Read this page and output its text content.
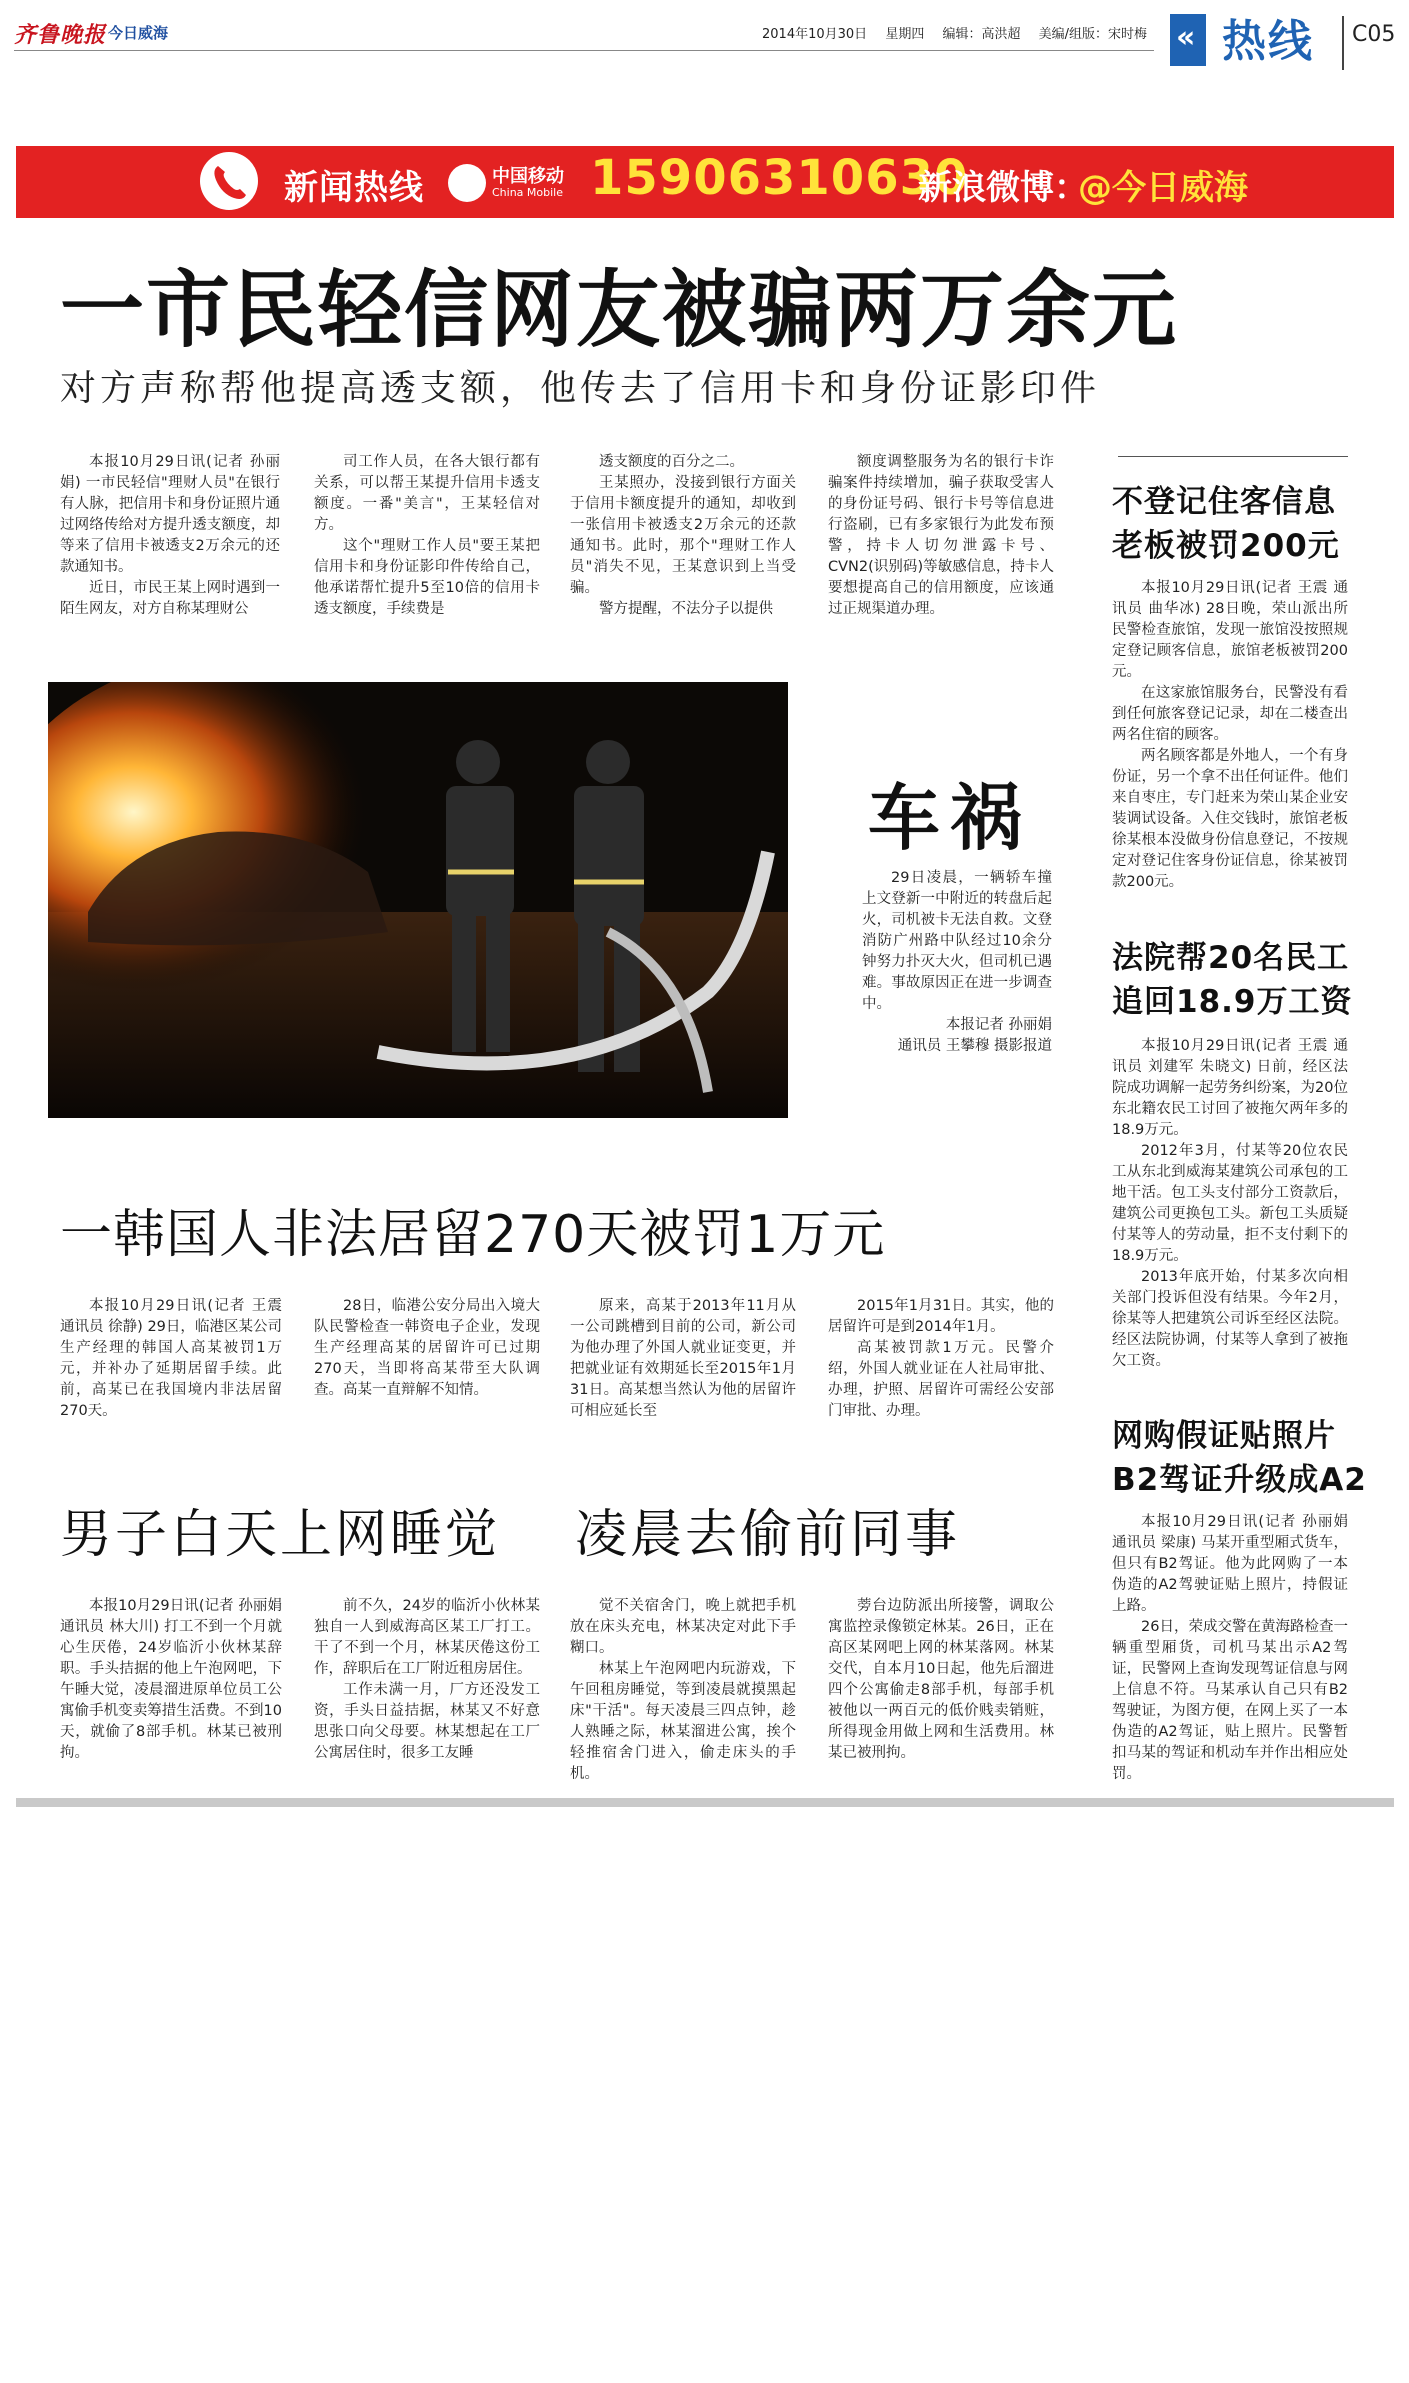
齐鲁晚报 今日威海	2014年10月30日 星期四 编辑：高洪超 美编/组版：宋时梅 « 热线 C05
新闻热线	中国移动
China Mobile 15906310630
新浪微博：
@今日威海
一市民轻信网友被骗两万余元
对方声称帮他提高透支额，他传去了信用卡和身份证影印件

本报10月29日讯(记者 孙丽娟) 一市民轻信"理财人员"在银行有人脉，把信用卡和身份证照片通过网络传给对方提升透支额度，却等来了信用卡被透支2万余元的还款通知书。

近日，市民王某上网时遇到一陌生网友，对方自称某理财公

司工作人员，在各大银行都有关系，可以帮王某提升信用卡透支额度。一番"美言"，王某轻信对方。

这个"理财工作人员"要王某把信用卡和身份证影印件传给自己，他承诺帮忙提升5至10倍的信用卡透支额度，手续费是

透支额度的百分之二。

王某照办，没接到银行方面关于信用卡额度提升的通知，却收到一张信用卡被透支2万余元的还款通知书。此时，那个"理财工作人员"消失不见，王某意识到上当受骗。

警方提醒，不法分子以提供

额度调整服务为名的银行卡诈骗案件持续增加，骗子获取受害人的身份证号码、银行卡号等信息进行盗刷，已有多家银行为此发布预警，持卡人切勿泄露卡号、CVN2(识别码)等敏感信息，持卡人要想提高自己的信用额度，应该通过正规渠道办理。

车祸

29日凌晨，一辆轿车撞上文登新一中附近的转盘后起火，司机被卡无法自救。文登消防广州路中队经过10余分钟努力扑灭大火，但司机已遇难。事故原因正在进一步调查中。

本报记者 孙丽娟
通讯员 王攀穆 摄影报道
一韩国人非法居留270天被罚1万元

本报10月29日讯(记者 王震 通讯员 徐静) 29日，临港区某公司生产经理的韩国人高某被罚1万元，并补办了延期居留手续。此前，高某已在我国境内非法居留270天。

28日，临港公安分局出入境大队民警检查一韩资电子企业，发现生产经理高某的居留许可已过期270天，当即将高某带至大队调查。高某一直辩解不知情。

原来，高某于2013年11月从一公司跳槽到目前的公司，新公司为他办理了外国人就业证变更，并把就业证有效期延长至2015年1月31日。高某想当然认为他的居留许可相应延长至

2015年1月31日。其实，他的居留许可是到2014年1月。

高某被罚款1万元。民警介绍，外国人就业证在人社局审批、办理，护照、居留许可需经公安部门审批、办理。

男子白天上网睡觉 凌晨去偷前同事

本报10月29日讯(记者 孙丽娟 通讯员 林大川) 打工不到一个月就心生厌倦，24岁临沂小伙林某辞职。手头拮据的他上午泡网吧，下午睡大觉，凌晨溜进原单位员工公寓偷手机变卖筹措生活费。不到10天，就偷了8部手机。林某已被刑拘。

前不久，24岁的临沂小伙林某独自一人到威海高区某工厂打工。干了不到一个月，林某厌倦这份工作，辞职后在工厂附近租房居住。

工作未满一月，厂方还没发工资，手头日益拮据，林某又不好意思张口向父母要。林某想起在工厂公寓居住时，很多工友睡

觉不关宿舍门，晚上就把手机放在床头充电，林某决定对此下手糊口。

林某上午泡网吧内玩游戏，下午回租房睡觉，等到凌晨就摸黑起床"干活"。每天凌晨三四点钟，趁人熟睡之际，林某溜进公寓，挨个轻推宿舍门进入，偷走床头的手机。

蒡台边防派出所接警，调取公寓监控录像锁定林某。26日，正在高区某网吧上网的林某落网。林某交代，自本月10日起，他先后溜进四个公寓偷走8部手机，每部手机被他以一两百元的低价贱卖销赃，所得现金用做上网和生活费用。林某已被刑拘。

不登记住客信息
老板被罚200元

本报10月29日讯(记者 王震 通讯员 曲华冰) 28日晚，荣山派出所民警检查旅馆，发现一旅馆没按照规定登记顾客信息，旅馆老板被罚200元。

在这家旅馆服务台，民警没有看到任何旅客登记记录，却在二楼查出两名住宿的顾客。

两名顾客都是外地人，一个有身份证，另一个拿不出任何证件。他们来自枣庄，专门赶来为荣山某企业安装调试设备。入住交钱时，旅馆老板徐某根本没做身份信息登记，不按规定对登记住客身份证信息，徐某被罚款200元。

法院帮20名民工
追回18.9万工资

本报10月29日讯(记者 王震 通讯员 刘建军 朱晓文) 日前，经区法院成功调解一起劳务纠纷案，为20位东北籍农民工讨回了被拖欠两年多的18.9万元。

2012年3月，付某等20位农民工从东北到威海某建筑公司承包的工地干活。包工头支付部分工资款后，建筑公司更换包工头。新包工头质疑付某等人的劳动量，拒不支付剩下的18.9万元。

2013年底开始，付某多次向相关部门投诉但没有结果。今年2月，徐某等人把建筑公司诉至经区法院。经区法院协调，付某等人拿到了被拖欠工资。

网购假证贴照片
B2驾证升级成A2

本报10月29日讯(记者 孙丽娟 通讯员 梁康) 马某开重型厢式货车，但只有B2驾证。他为此网购了一本伪造的A2驾驶证贴上照片，持假证上路。

26日，荣成交警在黄海路检查一辆重型厢货，司机马某出示A2驾证，民警网上查询发现驾证信息与网上信息不符。马某承认自己只有B2驾驶证，为图方便，在网上买了一本伪造的A2驾证，贴上照片。民警暂扣马某的驾证和机动车并作出相应处罚。
